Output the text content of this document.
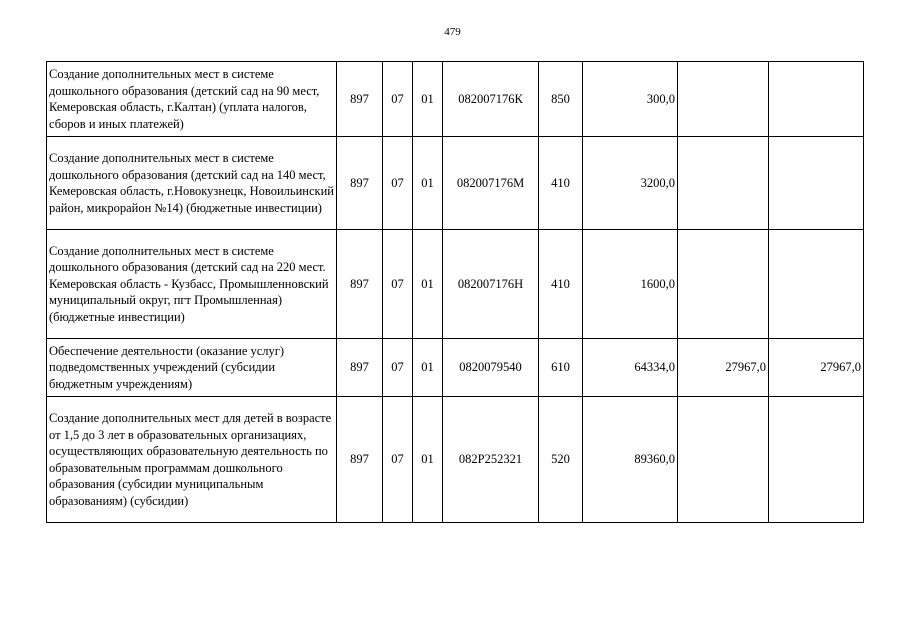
479
Создание дополнительных мест в системе дошкольного образования (детский сад на 90 мест, Кемеровская область, г.Калтан) (уплата налогов, сборов и иных платежей)	897	07	01	082007176К	850	300,0		
Создание дополнительных мест в системе дошкольного образования (детский сад на 140 мест, Кемеровская область, г.Новокузнецк, Новоильинский район, микрорайон №14) (бюджетные инвестиции)	897	07	01	082007176М	410	3200,0		
Создание дополнительных мест в системе дошкольного образования (детский сад на 220 мест. Кемеровская область - Кузбасс, Промышленновский муниципальный округ, пгт Промышленная) (бюджетные инвестиции)	897	07	01	082007176Н	410	1600,0		
Обеспечение деятельности (оказание услуг) подведомственных учреждений (субсидии бюджетным учреждениям)	897	07	01	0820079540	610	64334,0	27967,0	27967,0
Создание дополнительных мест для детей в возрасте от 1,5 до 3 лет в образовательных организациях, осуществляющих образовательную деятельность по образовательным программам дошкольного образования (субсидии муниципальным образованиям) (субсидии)	897	07	01	082P252321	520	89360,0		
